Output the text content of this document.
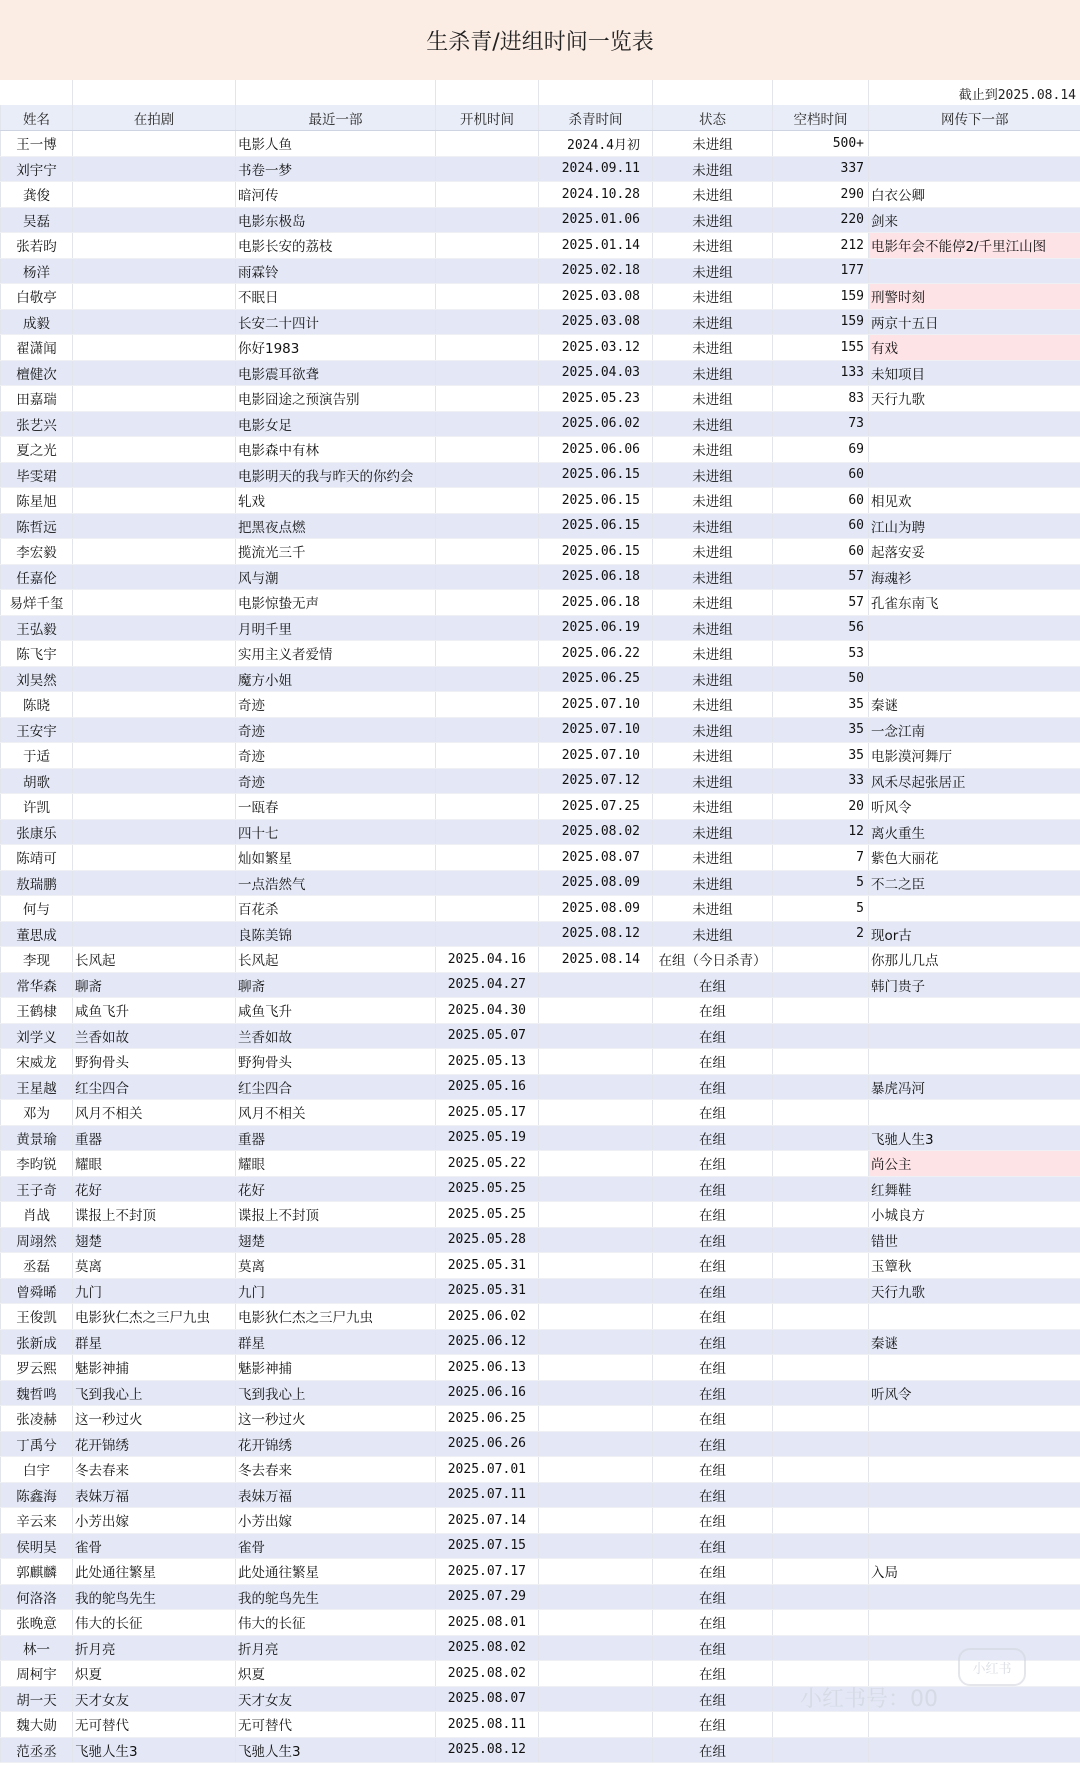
生杀青/进组时间一览表
截止到2025.08.14
姓名	在拍剧	最近一部	开机时间	杀青时间	状态	空档时间	网传下一部
王一博		电影人鱼		2024.4月初	未进组	500+	
刘宇宁		书卷一梦		2024.09.11	未进组	337	
龚俊		暗河传		2024.10.28	未进组	290	白衣公卿
吴磊		电影东极岛		2025.01.06	未进组	220	剑来
张若昀		电影长安的荔枝		2025.01.14	未进组	212	电影年会不能停2/千里江山图
杨洋		雨霖铃		2025.02.18	未进组	177	
白敬亭		不眠日		2025.03.08	未进组	159	刑警时刻
成毅		长安二十四计		2025.03.08	未进组	159	两京十五日
翟潇闻		你好1983		2025.03.12	未进组	155	有戏
檀健次		电影震耳欲聋		2025.04.03	未进组	133	未知项目
田嘉瑞		电影囧途之预演告别		2025.05.23	未进组	83	天行九歌
张艺兴		电影女足		2025.06.02	未进组	73	
夏之光		电影森中有林		2025.06.06	未进组	69	
毕雯珺		电影明天的我与昨天的你约会		2025.06.15	未进组	60	
陈星旭		轧戏		2025.06.15	未进组	60	相见欢
陈哲远		把黑夜点燃		2025.06.15	未进组	60	江山为聘
李宏毅		揽流光三千		2025.06.15	未进组	60	起落安妥
任嘉伦		风与潮		2025.06.18	未进组	57	海魂衫
易烊千玺		电影惊蛰无声		2025.06.18	未进组	57	孔雀东南飞
王弘毅		月明千里		2025.06.19	未进组	56	
陈飞宇		实用主义者爱情		2025.06.22	未进组	53	
刘昊然		魔方小姐		2025.06.25	未进组	50	
陈晓		奇迹		2025.07.10	未进组	35	秦谜
王安宇		奇迹		2025.07.10	未进组	35	一念江南
于适		奇迹		2025.07.10	未进组	35	电影漠河舞厅
胡歌		奇迹		2025.07.12	未进组	33	风禾尽起张居正
许凯		一瓯春		2025.07.25	未进组	20	听风令
张康乐		四十七		2025.08.02	未进组	12	离火重生
陈靖可		灿如繁星		2025.08.07	未进组	7	紫色大丽花
敖瑞鹏		一点浩然气		2025.08.09	未进组	5	不二之臣
何与		百花杀		2025.08.09	未进组	5	
董思成		良陈美锦		2025.08.12	未进组	2	现or古
李现	长风起	长风起	2025.04.16	2025.08.14	在组（今日杀青）		你那儿几点
常华森	聊斋	聊斋	2025.04.27		在组		韩门贵子
王鹤棣	咸鱼飞升	咸鱼飞升	2025.04.30		在组		
刘学义	兰香如故	兰香如故	2025.05.07		在组		
宋威龙	野狗骨头	野狗骨头	2025.05.13		在组		
王星越	红尘四合	红尘四合	2025.05.16		在组		暴虎冯河
邓为	风月不相关	风月不相关	2025.05.17		在组		
黄景瑜	重器	重器	2025.05.19		在组		飞驰人生3
李昀锐	耀眼	耀眼	2025.05.22		在组		尚公主
王子奇	花好	花好	2025.05.25		在组		红舞鞋
肖战	谍报上不封顶	谍报上不封顶	2025.05.25		在组		小城良方
周翊然	翅楚	翅楚	2025.05.28		在组		错世
丞磊	莫离	莫离	2025.05.31		在组		玉簟秋
曾舜晞	九门	九门	2025.05.31		在组		天行九歌
王俊凯	电影狄仁杰之三尸九虫	电影狄仁杰之三尸九虫	2025.06.02		在组		
张新成	群星	群星	2025.06.12		在组		秦谜
罗云熙	魅影神捕	魅影神捕	2025.06.13		在组		
魏哲鸣	飞到我心上	飞到我心上	2025.06.16		在组		听风令
张凌赫	这一秒过火	这一秒过火	2025.06.25		在组		
丁禹兮	花开锦绣	花开锦绣	2025.06.26		在组		
白宇	冬去春来	冬去春来	2025.07.01		在组		
陈鑫海	表妹万福	表妹万福	2025.07.11		在组		
辛云来	小芳出嫁	小芳出嫁	2025.07.14		在组		
侯明昊	雀骨	雀骨	2025.07.15		在组		
郭麒麟	此处通往繁星	此处通往繁星	2025.07.17		在组		入局
何洛洛	我的鸵鸟先生	我的鸵鸟先生	2025.07.29		在组		
张晚意	伟大的长征	伟大的长征	2025.08.01		在组		
林一	折月亮	折月亮	2025.08.02		在组		
周柯宇	炽夏	炽夏	2025.08.02		在组		
胡一天	天才女友	天才女友	2025.08.07		在组		
魏大勋	无可替代	无可替代	2025.08.11		在组		
范丞丞	飞驰人生3	飞驰人生3	2025.08.12		在组		
小红书
小红书号：00
